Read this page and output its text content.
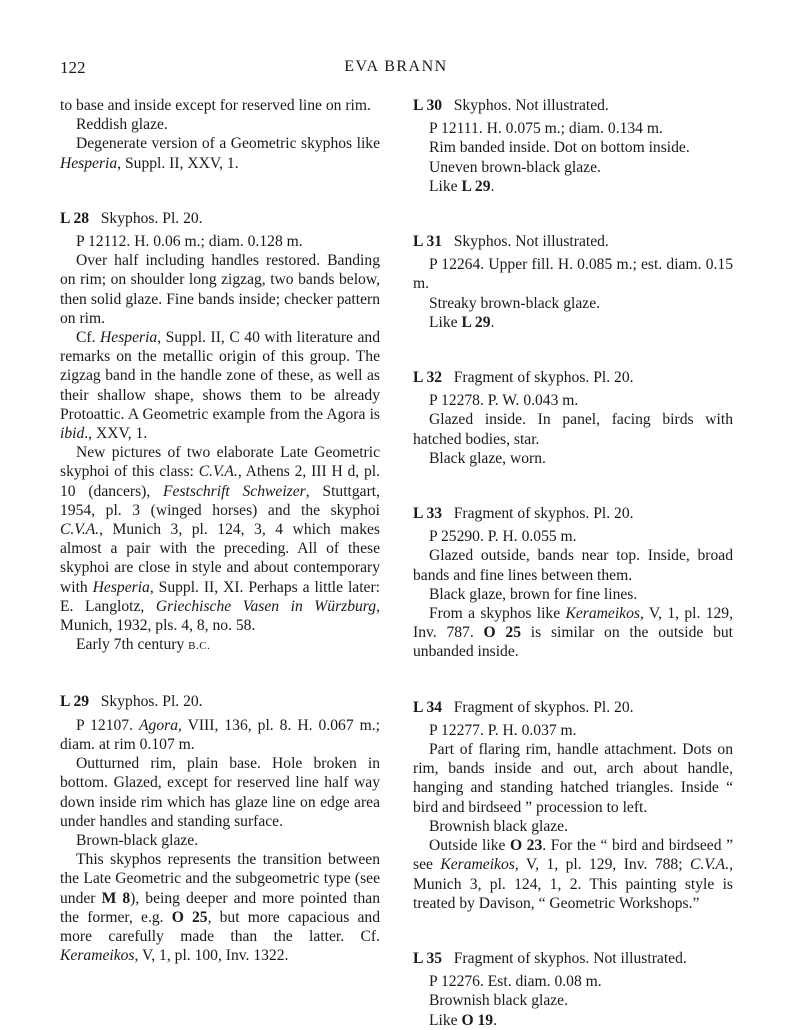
122	EVA BRANN

to base and inside except for reserved line on rim.

Reddish glaze.

Degenerate version of a Geometric skyphos like Hesperia, Suppl. II, XXV, 1.

L 28 Skyphos. Pl. 20.

P 12112. H. 0.06 m.; diam. 0.128 m.

Over half including handles restored. Banding on rim; on shoulder long zigzag, two bands below, then solid glaze. Fine bands inside; checker pattern on rim.

Cf. Hesperia, Suppl. II, C 40 with literature and remarks on the metallic origin of this group. The zigzag band in the handle zone of these, as well as their shallow shape, shows them to be already Protoattic. A Geometric example from the Agora is ibid., XXV, 1.

New pictures of two elaborate Late Geometric skyphoi of this class: C.V.A., Athens 2, III H d, pl. 10 (dancers), Festschrift Schweizer, Stuttgart, 1954, pl. 3 (winged horses) and the skyphoi C.V.A., Munich 3, pl. 124, 3, 4 which makes almost a pair with the preceding. All of these skyphoi are close in style and about contemporary with Hesperia, Suppl. II, XI. Perhaps a little later: E. Langlotz, Griechische Vasen in Würzburg, Munich, 1932, pls. 4, 8, no. 58.

Early 7th century B.C.

L 29 Skyphos. Pl. 20.

P 12107. Agora, VIII, 136, pl. 8. H. 0.067 m.; diam. at rim 0.107 m.

Outturned rim, plain base. Hole broken in bottom. Glazed, except for reserved line half way down inside rim which has glaze line on edge area under handles and standing surface.

Brown-black glaze.

This skyphos represents the transition between the Late Geometric and the subgeometric type (see under M 8), being deeper and more pointed than the former, e.g. O 25, but more capacious and more carefully made than the latter. Cf. Kerameikos, V, 1, pl. 100, Inv. 1322.

L 30 Skyphos. Not illustrated.

P 12111. H. 0.075 m.; diam. 0.134 m.

Rim banded inside. Dot on bottom inside.

Uneven brown-black glaze.

Like L 29.

L 31 Skyphos. Not illustrated.

P 12264. Upper fill. H. 0.085 m.; est. diam. 0.15 m.

Streaky brown-black glaze.

Like L 29.

L 32 Fragment of skyphos. Pl. 20.

P 12278. P. W. 0.043 m.

Glazed inside. In panel, facing birds with hatched bodies, star.

Black glaze, worn.

L 33 Fragment of skyphos. Pl. 20.

P 25290. P. H. 0.055 m.

Glazed outside, bands near top. Inside, broad bands and fine lines between them.

Black glaze, brown for fine lines.

From a skyphos like Kerameikos, V, 1, pl. 129, Inv. 787. O 25 is similar on the outside but unbanded inside.

L 34 Fragment of skyphos. Pl. 20.

P 12277. P. H. 0.037 m.

Part of flaring rim, handle attachment. Dots on rim, bands inside and out, arch about handle, hanging and standing hatched triangles. Inside “ bird and birdseed ” procession to left.

Brownish black glaze.

Outside like O 23. For the “ bird and birdseed ” see Kerameikos, V, 1, pl. 129, Inv. 788; C.V.A., Munich 3, pl. 124, 1, 2. This painting style is treated by Davison, “ Geometric Workshops.”

L 35 Fragment of skyphos. Not illustrated.

P 12276. Est. diam. 0.08 m.

Brownish black glaze.

Like O 19.
